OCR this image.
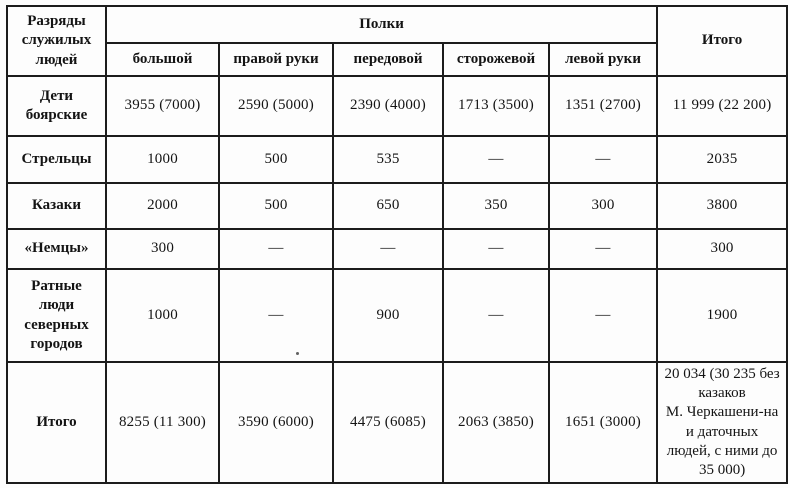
Разряды служилых людей	Полки					Итого
	большой	правой руки	передовой	сторожевой	левой руки	
Дети боярские	3955 (7000)	2590 (5000)	2390 (4000)	1713 (3500)	1351 (2700)	11 999 (22 200)
Стрельцы	1000	500	535	—	—	2035
Казаки	2000	500	650	350	300	3800
«Немцы»	300	—	—	—	—	300
Ратные люди северных городов	1000	—	900	—	—	1900
Итого	8255 (11 300)	3590 (6000)	4475 (6085)	2063 (3850)	1651 (3000)	20 034 (30 235 без казаков М. Черкашени-на и даточных людей, с ними до 35 000)
